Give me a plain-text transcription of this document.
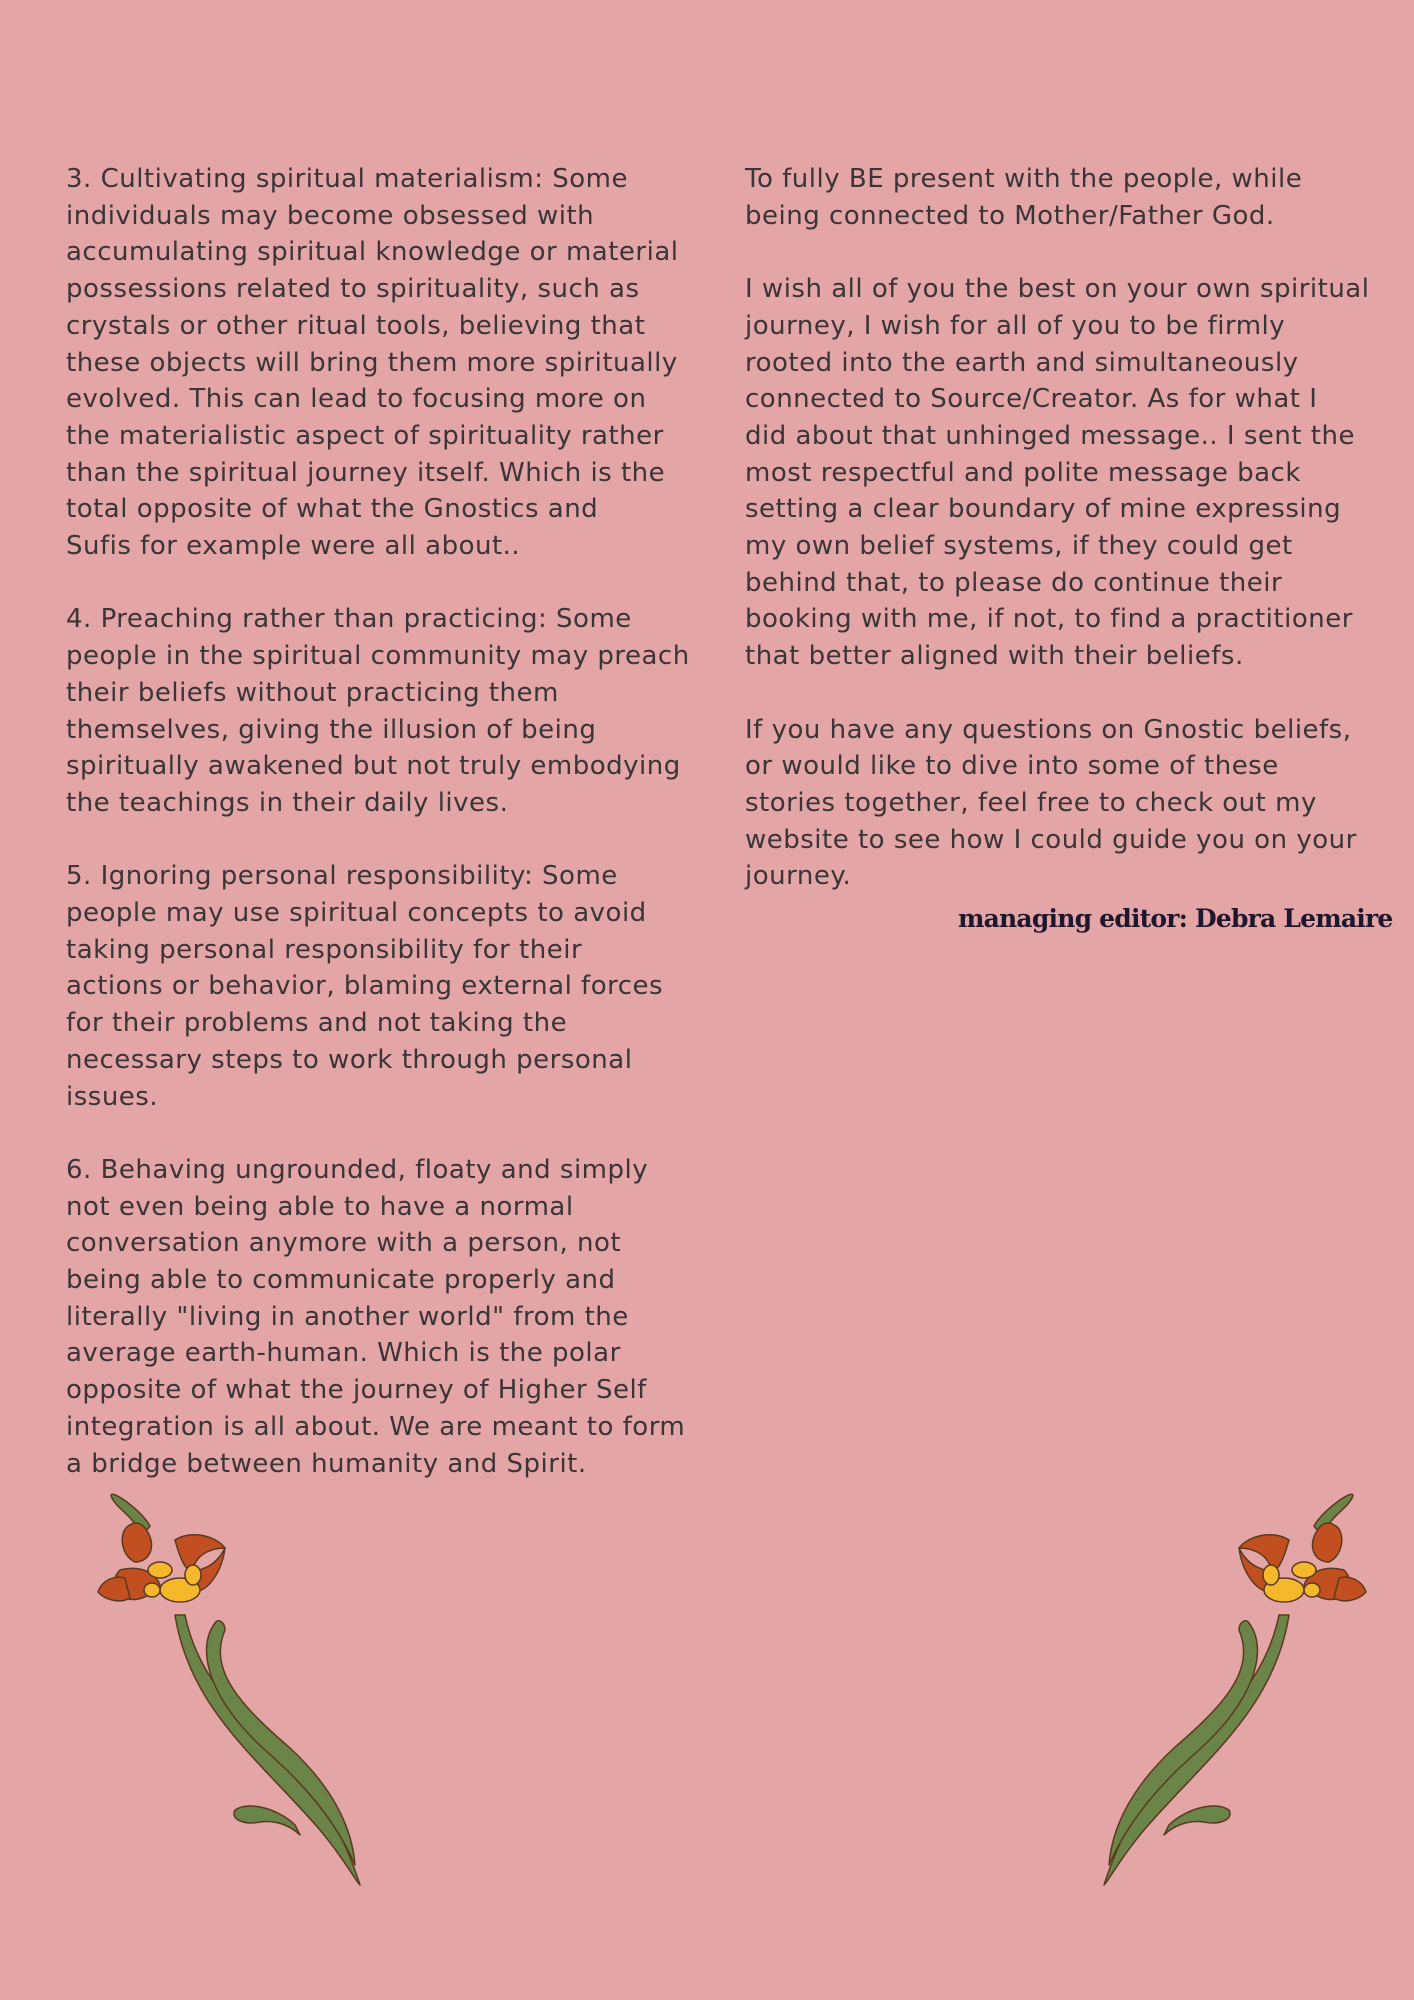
3. Cultivating spiritual materialism: Some
individuals may become obsessed with
accumulating spiritual knowledge or material
possessions related to spirituality, such as
crystals or other ritual tools, believing that
these objects will bring them more spiritually
evolved. This can lead to focusing more on
the materialistic aspect of spirituality rather
than the spiritual journey itself. Which is the
total opposite of what the Gnostics and
Sufis for example were all about..

4. Preaching rather than practicing: Some
people in the spiritual community may preach
their beliefs without practicing them
themselves, giving the illusion of being
spiritually awakened but not truly embodying
the teachings in their daily lives.

5. Ignoring personal responsibility: Some
people may use spiritual concepts to avoid
taking personal responsibility for their
actions or behavior, blaming external forces
for their problems and not taking the
necessary steps to work through personal
issues.

6. Behaving ungrounded, floaty and simply
not even being able to have a normal
conversation anymore with a person, not
being able to communicate properly and
literally "living in another world" from the
average earth-human. Which is the polar
opposite of what the journey of Higher Self
integration is all about. We are meant to form
a bridge between humanity and Spirit.

To fully BE present with the people, while
being connected to Mother/Father God.

I wish all of you the best on your own spiritual
journey, I wish for all of you to be firmly
rooted into the earth and simultaneously
connected to Source/Creator. As for what I
did about that unhinged message.. I sent the
most respectful and polite message back
setting a clear boundary of mine expressing
my own belief systems, if they could get
behind that, to please do continue their
booking with me, if not, to find a practitioner
that better aligned with their beliefs.

If you have any questions on Gnostic beliefs,
or would like to dive into some of these
stories together, feel free to check out my
website to see how I could guide you on your
journey.

managing editor: Debra Lemaire
